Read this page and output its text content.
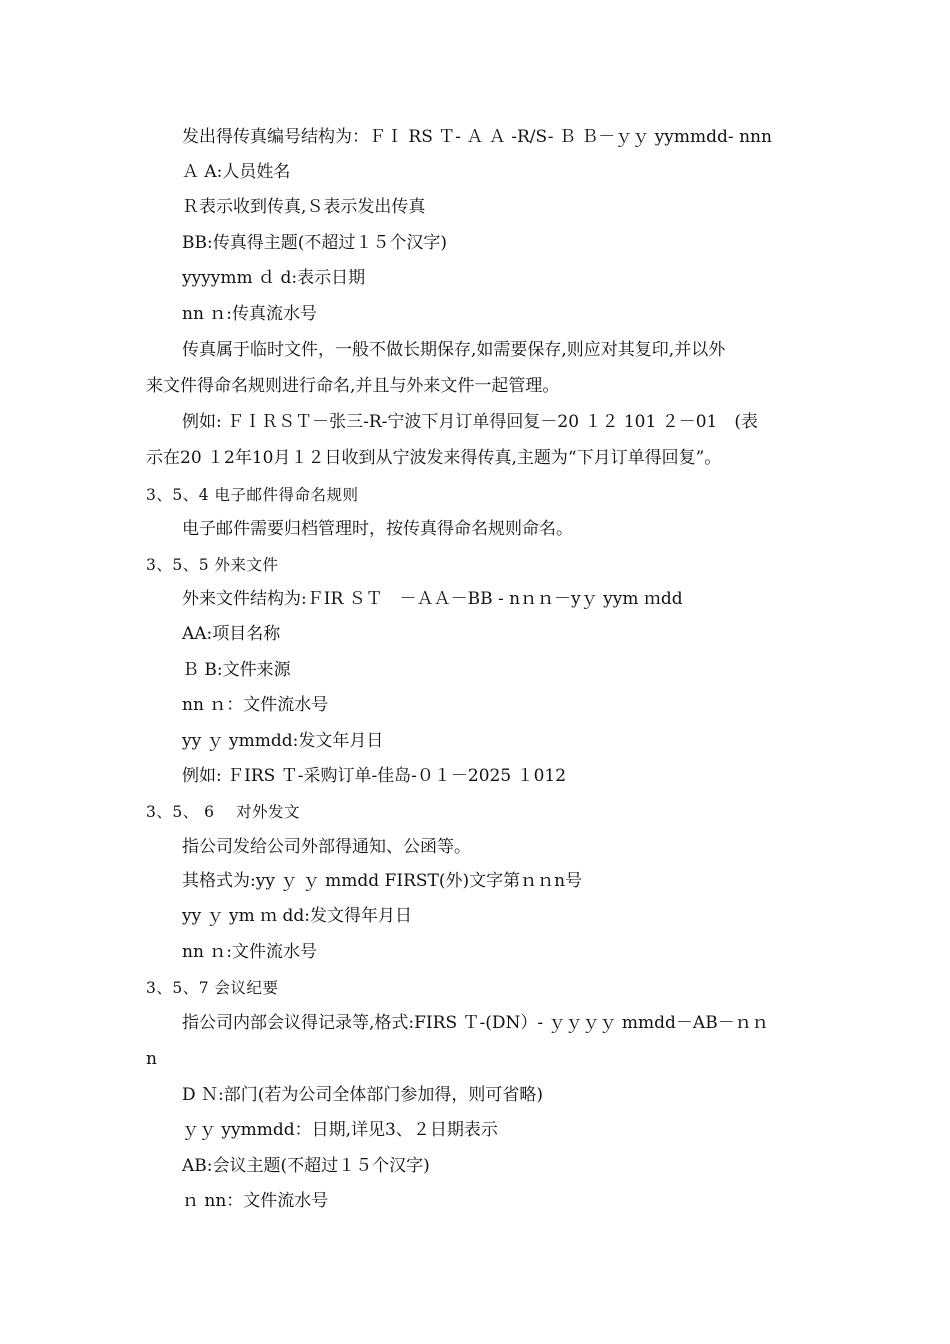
发出得传真编号结构为：ＦＩ RS Ｔ- Ａ Ａ -R/S- Ｂ Ｂ－ｙｙ yymmdd- nnn
Ａ A:人员姓名
Ｒ表示收到传真,Ｓ表示发出传真
BB:传真得主题(不超过１５个汉字)
yyyymm ｄ d:表示日期
nn ｎ:传真流水号
传真属于临时文件，一般不做长期保存,如需要保存,则应对其复印,并以外
来文件得命名规则进行命名,并且与外来文件一起管理。
例如: ＦＩＲＳＴ－张三-R-宁波下月订单得回复－20 １２ 101 ２－01　(表
示在20 １2年10月１２日收到从宁波发来得传真,主题为“下月订单得回复”。
3、5、4 电子邮件得命名规则
电子邮件需要归档管理时，按传真得命名规则命名。
3、5、5 外来文件
外来文件结构为:ＦIR ＳＴ　－ＡＡ－BB - nｎｎ－yｙ yym ｍdd
AA:项目名称
Ｂ B:文件来源
nn ｎ：文件流水号
yy ｙ ymmdd:发文年月日
例如: ＦIRS Ｔ-采购订单-佳岛-０１－2025 １012
3、5、 6　 对外发文
指公司发给公司外部得通知、公函等。
其格式为:yy ｙ ｙ mmdd FIRST(外)文字第ｎｎn号
yy ｙ ym ｍ dd:发文得年月日
nn ｎ:文件流水号
3、5、7 会议纪要
指公司内部会议得记录等,格式:FIRS Ｔ-(DN）- ｙｙｙｙ mmdd－AB－ｎｎ
n
D Ｎ:部门(若为公司全体部门参加得，则可省略)
ｙｙ yymmdd：日期,详见3、２日期表示
AB:会议主题(不超过１５个汉字)
ｎ nn：文件流水号
